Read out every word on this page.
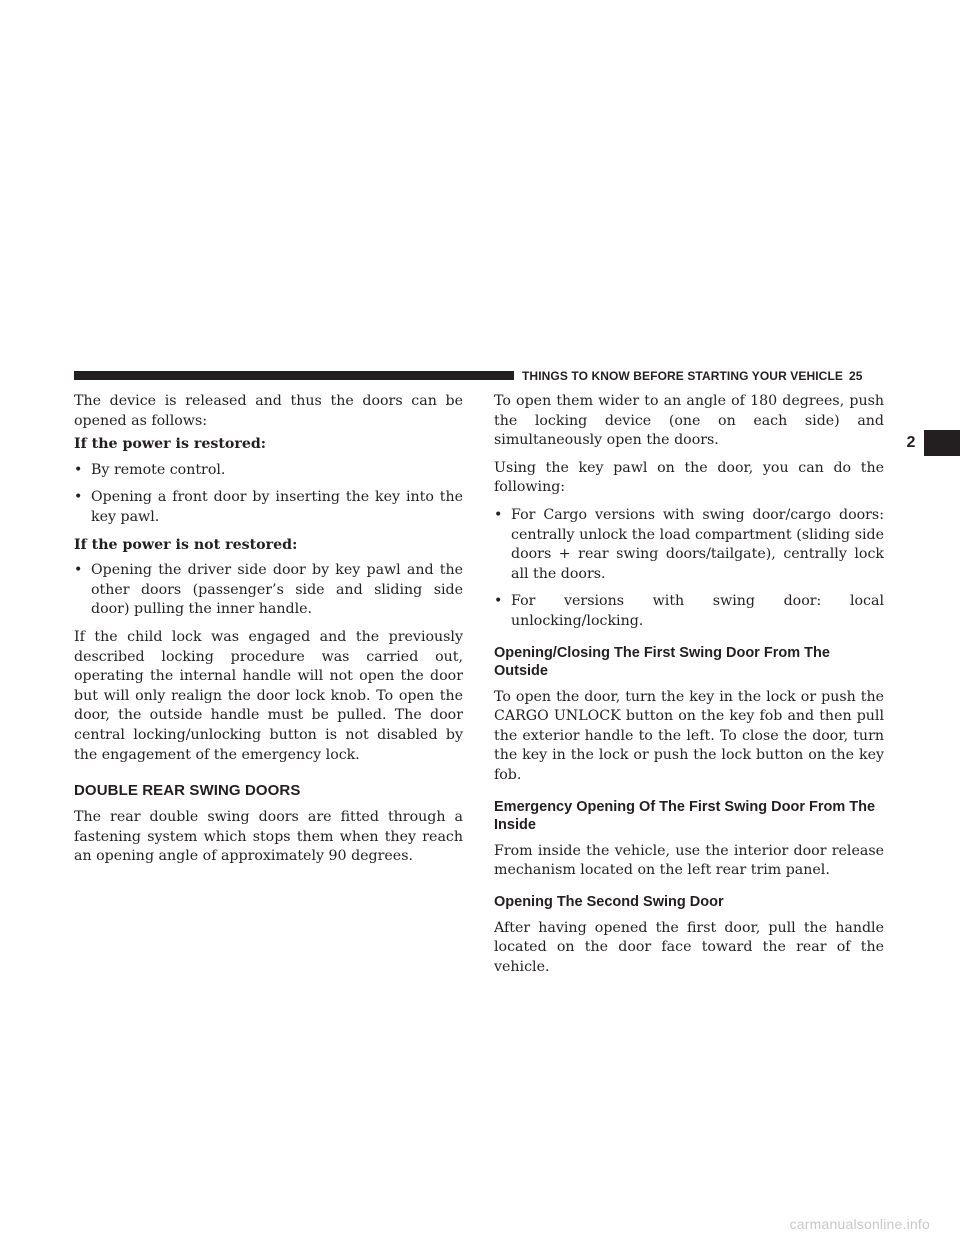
THINGS TO KNOW BEFORE STARTING YOUR VEHICLE 25
2

The device is released and thus the doors can be opened as follows:

If the power is restored:
• By remote control.
• Opening a front door by inserting the key into the key pawl.
If the power is not restored:
• Opening the driver side door by key pawl and the other doors (passenger’s side and sliding side door) pulling the inner handle.

If the child lock was engaged and the previously described locking procedure was carried out, operating the internal handle will not open the door but will only realign the door lock knob. To open the door, the outside handle must be pulled. The door central locking/unlocking button is not disabled by the engagement of the emergency lock.

DOUBLE REAR SWING DOORS

The rear double swing doors are fitted through a fastening system which stops them when they reach an opening angle of approximately 90 degrees.

To open them wider to an angle of 180 degrees, push the locking device (one on each side) and simultaneously open the doors.

Using the key pawl on the door, you can do the following:

• For Cargo versions with swing door/cargo doors: centrally unlock the load compartment (sliding side doors + rear swing doors/tailgate), centrally lock all the doors.
• For versions with swing door: local unlocking/locking.
Opening/Closing The First Swing Door From The Outside

To open the door, turn the key in the lock or push the CARGO UNLOCK button on the key fob and then pull the exterior handle to the left. To close the door, turn the key in the lock or push the lock button on the key fob.

Emergency Opening Of The First Swing Door From The Inside

From inside the vehicle, use the interior door release mechanism located on the left rear trim panel.

Opening The Second Swing Door

After having opened the first door, pull the handle located on the door face toward the rear of the vehicle.

carmanualsonline.info
